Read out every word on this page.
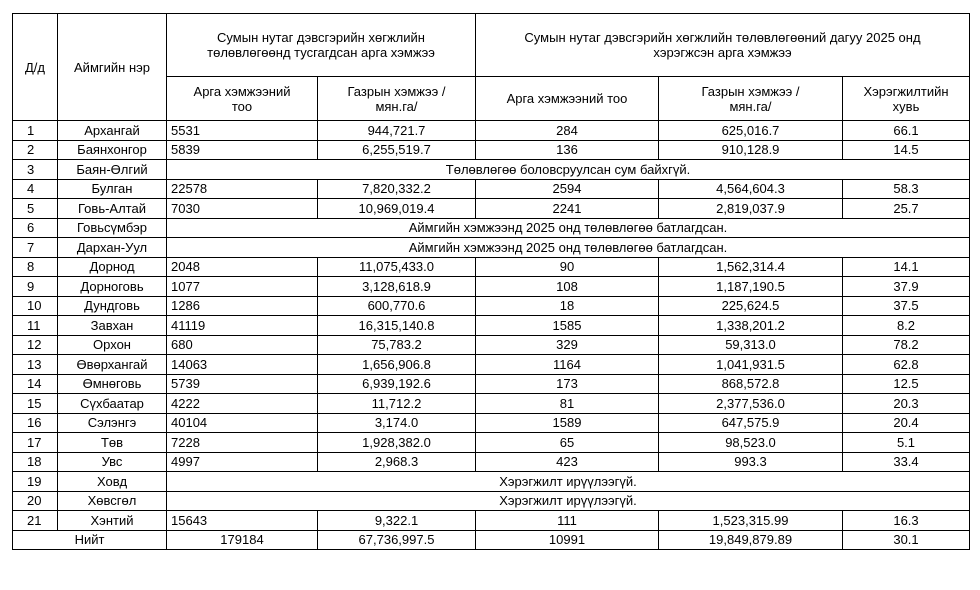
Д/д	Аймгийн нэр	Сумын нутаг дэвсгэрийн хөгжлийн төлөвлөгөөнд тусгагдсан арга хэмжээ		Сумын нутаг дэвсгэрийн хөгжлийн төлөвлөгөөний дагуу 2025 онд хэрэгжсэн арга хэмжээ		

		Арга хэмжээний тоо	Газрын хэмжээ /мян.га/	Арга хэмжээний тоо	Газрын хэмжээ /мян.га/	Хэрэгжилтийн хувь

1	Архангай	5531	944,721.7	284	625,016.7	66.1
2	Баянхонгор	5839	6,255,519.7	136	910,128.9	14.5
3	Баян-Өлгий	Төлөвлөгөө боловсруулсан сум байхгүй.				
4	Булган	22578	7,820,332.2	2594	4,564,604.3	58.3
5	Говь-Алтай	7030	10,969,019.4	2241	2,819,037.9	25.7
6	Говьсүмбэр	Аймгийн хэмжээнд 2025 онд төлөвлөгөө батлагдсан.				
7	Дархан-Уул	Аймгийн хэмжээнд 2025 онд төлөвлөгөө батлагдсан.				
8	Дорнод	2048	11,075,433.0	90	1,562,314.4	14.1
9	Дорноговь	1077	3,128,618.9	108	1,187,190.5	37.9
10	Дундговь	1286	600,770.6	18	225,624.5	37.5
11	Завхан	41119	16,315,140.8	1585	1,338,201.2	8.2
12	Орхон	680	75,783.2	329	59,313.0	78.2
13	Өвөрхангай	14063	1,656,906.8	1164	1,041,931.5	62.8
14	Өмнөговь	5739	6,939,192.6	173	868,572.8	12.5
15	Сүхбаатар	4222	11,712.2	81	2,377,536.0	20.3
16	Сэлэнгэ	40104	3,174.0	1589	647,575.9	20.4
17	Төв	7228	1,928,382.0	65	98,523.0	5.1
18	Увс	4997	2,968.3	423	993.3	33.4
19	Ховд	Хэрэгжилт ирүүлээгүй.				
20	Хөвсгөл	Хэрэгжилт ирүүлээгүй.				
21	Хэнтий	15643	9,322.1	111	1,523,315.99	16.3
Нийт		179184	67,736,997.5	10991	19,849,879.89	30.1
